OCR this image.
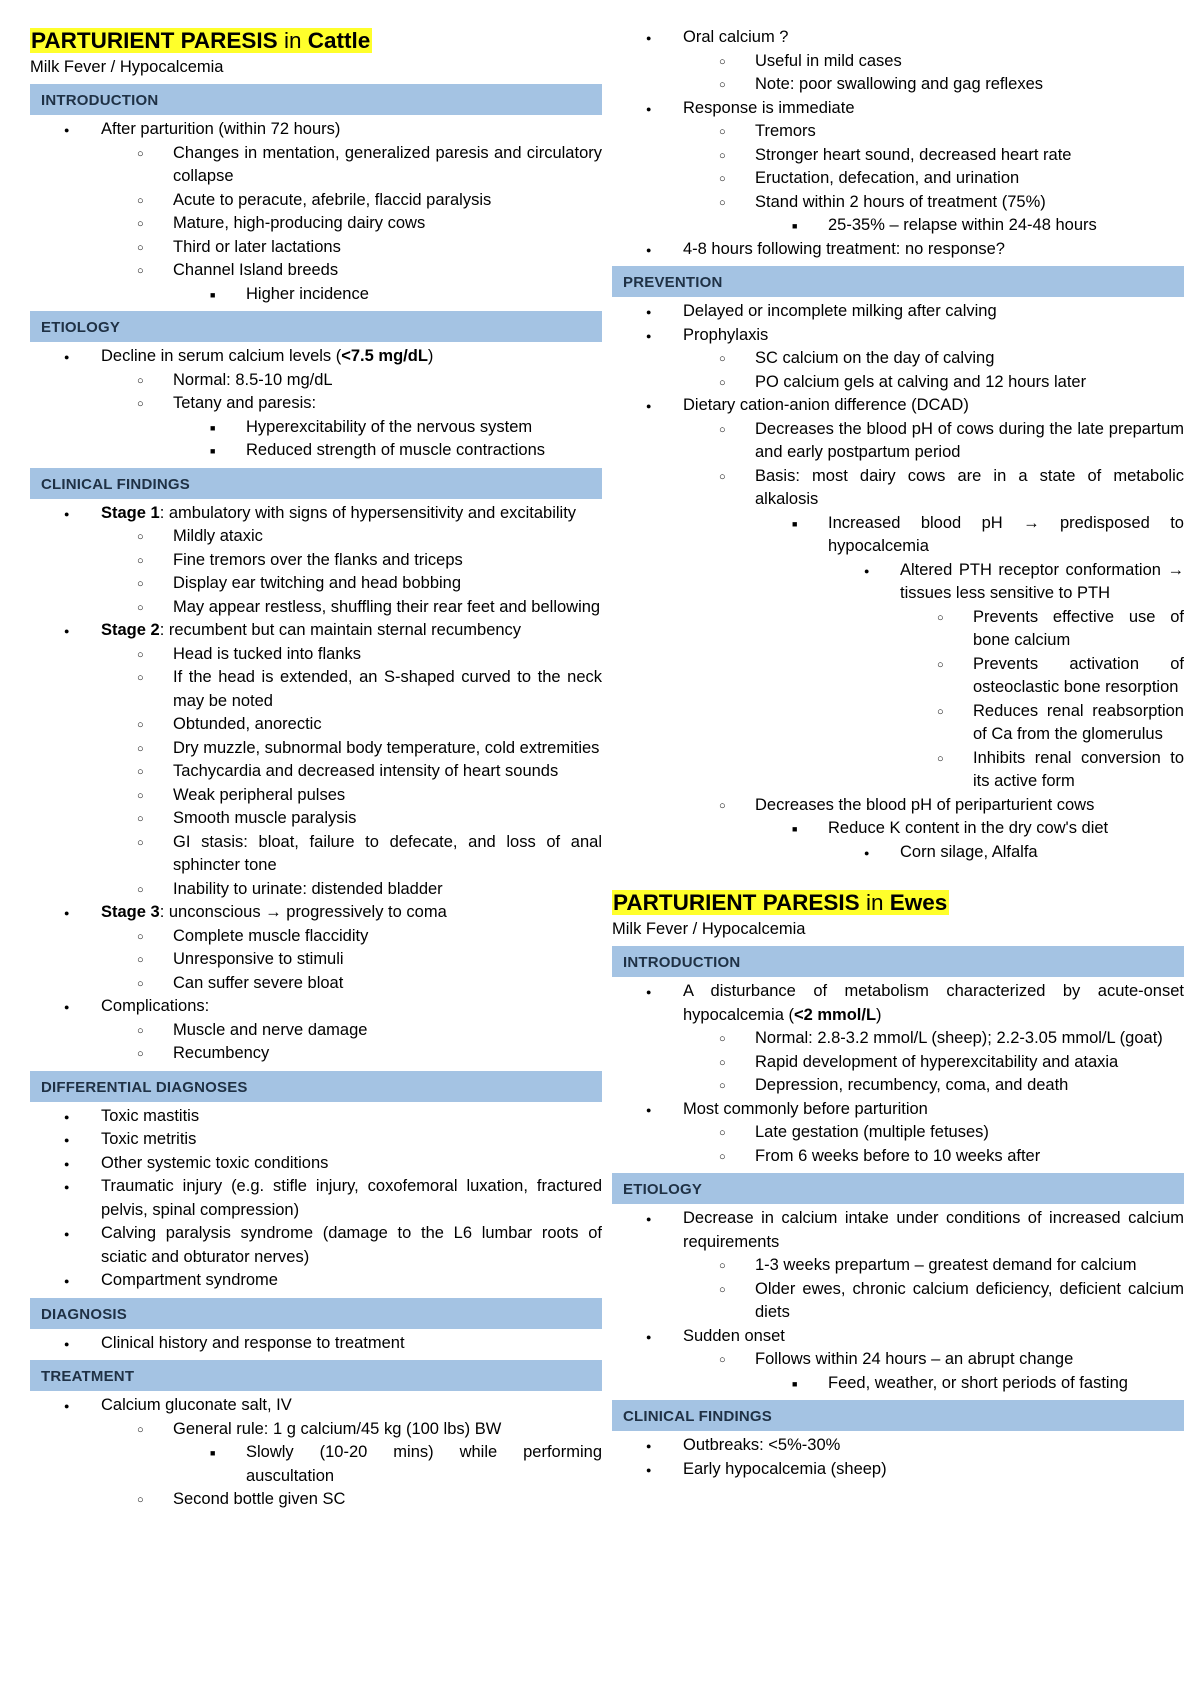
PARTURIENT PARESIS in Cattle
Milk Fever / Hypocalcemia
INTRODUCTION
●
After parturition (within 72 hours)
○
Changes in mentation, generalized paresis and circulatory collapse
○
Acute to peracute, afebrile, flaccid paralysis
○
Mature, high-producing dairy cows
○
Third or later lactations
○
Channel Island breeds
■
Higher incidence
ETIOLOGY
●
Decline in serum calcium levels (<7.5 mg/dL)
○
Normal: 8.5-10 mg/dL
○
Tetany and paresis:
■
Hyperexcitability of the nervous system
■
Reduced strength of muscle contractions
CLINICAL FINDINGS
●
Stage 1: ambulatory with signs of hypersensitivity and excitability
○
Mildly ataxic
○
Fine tremors over the flanks and triceps
○
Display ear twitching and head bobbing
○
May appear restless, shuffling their rear feet and bellowing
●
Stage 2: recumbent but can maintain sternal recumbency
○
Head is tucked into flanks
○
If the head is extended, an S-shaped curved to the neck may be noted
○
Obtunded, anorectic
○
Dry muzzle, subnormal body temperature, cold extremities
○
Tachycardia and decreased intensity of heart sounds
○
Weak peripheral pulses
○
Smooth muscle paralysis
○
GI stasis: bloat, failure to defecate, and loss of anal sphincter tone
○
Inability to urinate: distended bladder
●
Stage 3: unconscious → progressively to coma
○
Complete muscle flaccidity
○
Unresponsive to stimuli
○
Can suffer severe bloat
●
Complications:
○
Muscle and nerve damage
○
Recumbency
DIFFERENTIAL DIAGNOSES
●
Toxic mastitis
●
Toxic metritis
●
Other systemic toxic conditions
●
Traumatic injury (e.g. stifle injury, coxofemoral luxation, fractured pelvis, spinal compression)
●
Calving paralysis syndrome (damage to the L6 lumbar roots of sciatic and obturator nerves)
●
Compartment syndrome
DIAGNOSIS
●
Clinical history and response to treatment
TREATMENT
●
Calcium gluconate salt, IV
○
General rule: 1 g calcium/45 kg (100 lbs) BW
■
Slowly (10-20 mins) while performing auscultation
○
Second bottle given SC
●
Oral calcium ?
○
Useful in mild cases
○
Note: poor swallowing and gag reflexes
●
Response is immediate
○
Tremors
○
Stronger heart sound, decreased heart rate
○
Eructation, defecation, and urination
○
Stand within 2 hours of treatment (75%)
■
25-35% – relapse within 24-48 hours
●
4-8 hours following treatment: no response?
PREVENTION
●
Delayed or incomplete milking after calving
●
Prophylaxis
○
SC calcium on the day of calving
○
PO calcium gels at calving and 12 hours later
●
Dietary cation-anion difference (DCAD)
○
Decreases the blood pH of cows during the late prepartum and early postpartum period
○
Basis: most dairy cows are in a state of metabolic alkalosis
■
Increased blood pH → predisposed to hypocalcemia
●
Altered PTH receptor conformation → tissues less sensitive to PTH
○
Prevents effective use of bone calcium
○
Prevents activation of osteoclastic bone resorption
○
Reduces renal reabsorption of Ca from the glomerulus
○
Inhibits renal conversion to its active form
○
Decreases the blood pH of periparturient cows
■
Reduce K content in the dry cow's diet
●
Corn silage, Alfalfa
PARTURIENT PARESIS in Ewes
Milk Fever / Hypocalcemia
INTRODUCTION
●
A disturbance of metabolism characterized by acute-onset hypocalcemia (<2 mmol/L)
○
Normal: 2.8-3.2 mmol/L (sheep); 2.2-3.05 mmol/L (goat)
○
Rapid development of hyperexcitability and ataxia
○
Depression, recumbency, coma, and death
●
Most commonly before parturition
○
Late gestation (multiple fetuses)
○
From 6 weeks before to 10 weeks after
ETIOLOGY
●
Decrease in calcium intake under conditions of increased calcium requirements
○
1-3 weeks prepartum – greatest demand for calcium
○
Older ewes, chronic calcium deficiency, deficient calcium diets
●
Sudden onset
○
Follows within 24 hours – an abrupt change
■
Feed, weather, or short periods of fasting
CLINICAL FINDINGS
●
Outbreaks: <5%-30%
●
Early hypocalcemia (sheep)
